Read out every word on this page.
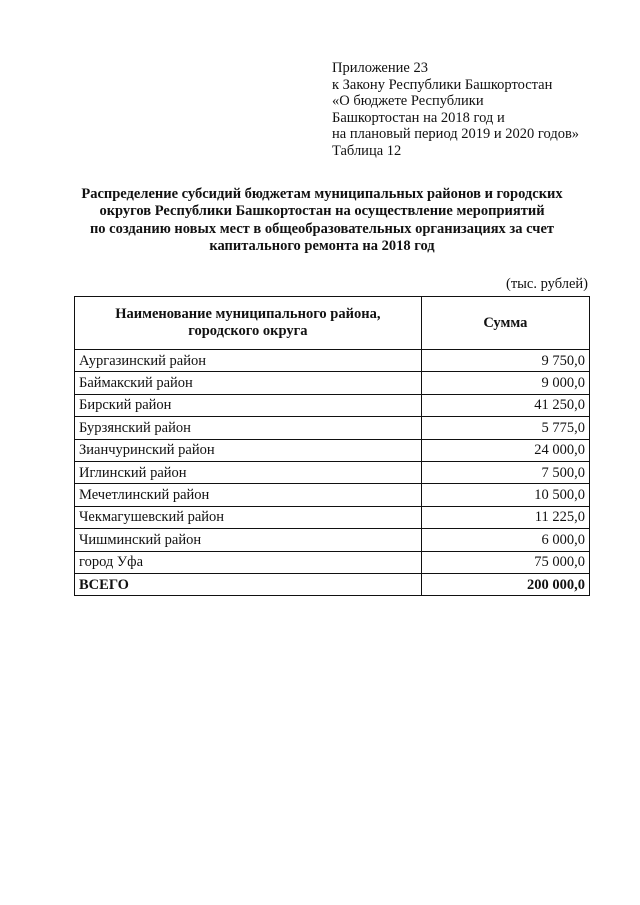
Приложение 23
к Закону Республики Башкортостан
«О бюджете Республики
Башкортостан на 2018 год и
на плановый период 2019 и 2020 годов»
Таблица 12
Распределение субсидий бюджетам муниципальных районов и городских
округов Республики Башкортостан на осуществление мероприятий
по созданию новых мест в общеобразовательных организациях за счет
капитального ремонта на 2018 год
(тыс. рублей)
Наименование муниципального района,
городского округа	Сумма
Аургазинский район	9 750,0
Баймакский район	9 000,0
Бирский район	41 250,0
Бурзянский район	5 775,0
Зианчуринский район	24 000,0
Иглинский район	7 500,0
Мечетлинский район	10 500,0
Чекмагушевский район	11 225,0
Чишминский район	6 000,0
город Уфа	75 000,0
ВСЕГО	200 000,0
